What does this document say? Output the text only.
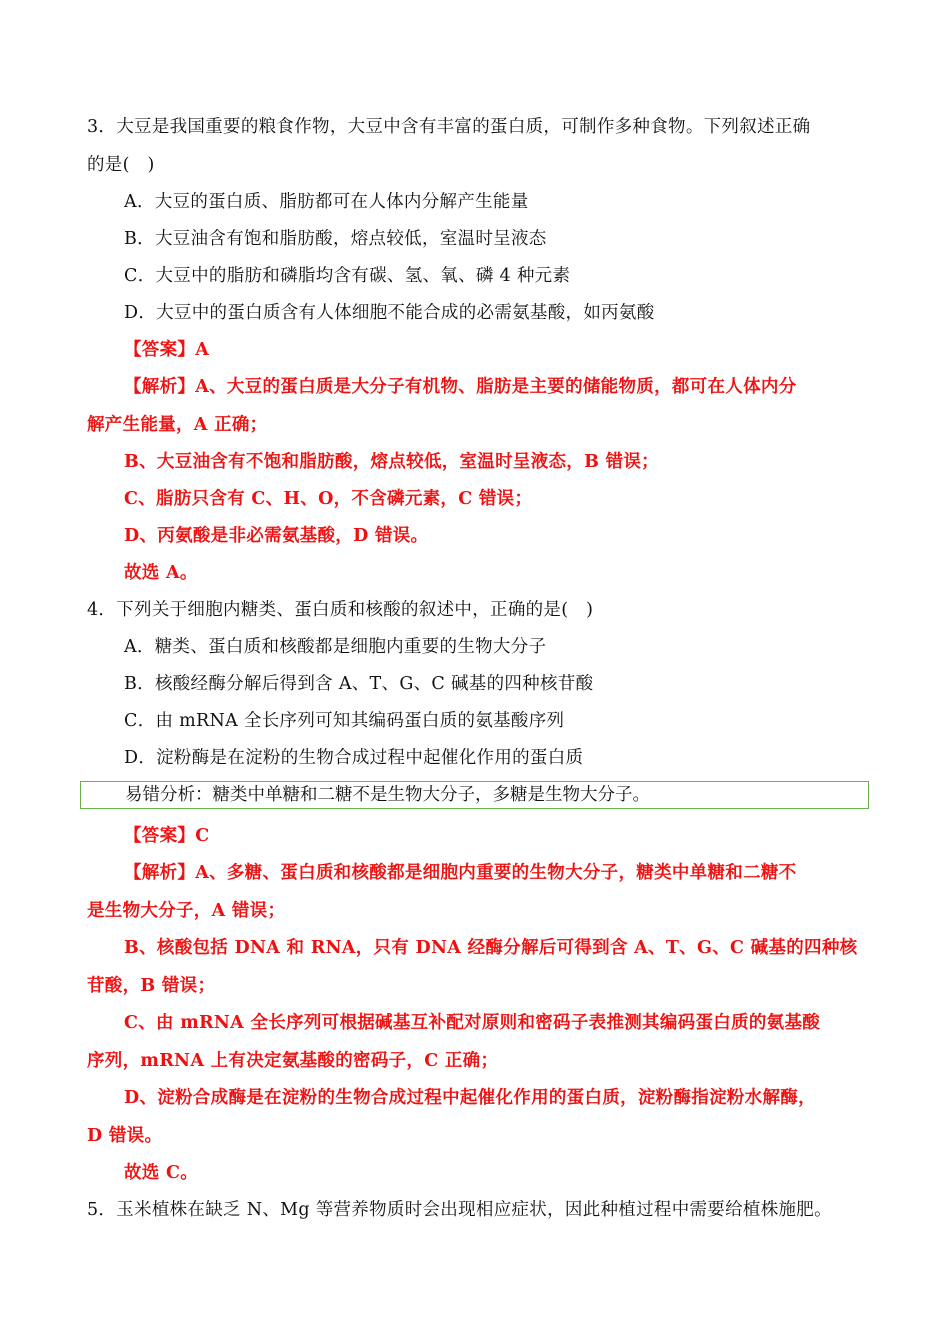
3．大豆是我国重要的粮食作物，大豆中含有丰富的蛋白质，可制作多种食物。下列叙述正确
的是(　)
A．大豆的蛋白质、脂肪都可在人体内分解产生能量
B．大豆油含有饱和脂肪酸，熔点较低，室温时呈液态
C．大豆中的脂肪和磷脂均含有碳、氢、氧、磷 4 种元素
D．大豆中的蛋白质含有人体细胞不能合成的必需氨基酸，如丙氨酸
【答案】A
【解析】A、大豆的蛋白质是大分子有机物、脂肪是主要的储能物质，都可在人体内分
解产生能量，A 正确；
B、大豆油含有不饱和脂肪酸，熔点较低，室温时呈液态，B 错误；
C、脂肪只含有 C、H、O，不含磷元素，C 错误；
D、丙氨酸是非必需氨基酸，D 错误。
故选 A。
4．下列关于细胞内糖类、蛋白质和核酸的叙述中，正确的是(　)
A．糖类、蛋白质和核酸都是细胞内重要的生物大分子
B．核酸经酶分解后得到含 A、T、G、C 碱基的四种核苷酸
C．由 mRNA 全长序列可知其编码蛋白质的氨基酸序列
D．淀粉酶是在淀粉的生物合成过程中起催化作用的蛋白质
易错分析：糖类中单糖和二糖不是生物大分子，多糖是生物大分子。
【答案】C
【解析】A、多糖、蛋白质和核酸都是细胞内重要的生物大分子，糖类中单糖和二糖不
是生物大分子，A 错误；
B、核酸包括 DNA 和 RNA，只有 DNA 经酶分解后可得到含 A、T、G、C 碱基的四种核
苷酸，B 错误；
C、由 mRNA 全长序列可根据碱基互补配对原则和密码子表推测其编码蛋白质的氨基酸
序列，mRNA 上有决定氨基酸的密码子，C 正确；
D、淀粉合成酶是在淀粉的生物合成过程中起催化作用的蛋白质，淀粉酶指淀粉水解酶，
D 错误。
故选 C。
5．玉米植株在缺乏 N、Mg 等营养物质时会出现相应症状，因此种植过程中需要给植株施肥。
